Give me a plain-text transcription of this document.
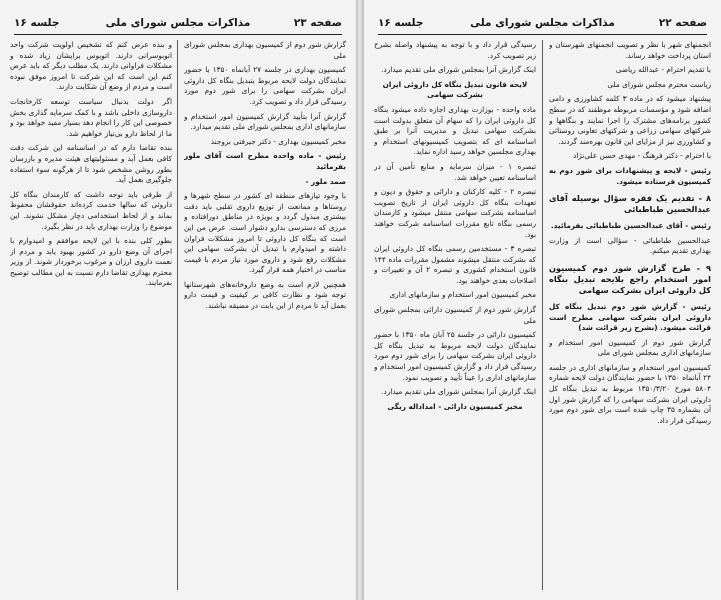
صفحه ۲۳
مذاکرات مجلس شورای ملی
جلسه ۱۶

گزارش شور دوم از کمیسیون بهداری بمجلس شورای ملی

کمیسیون بهداری در جلسه ۲۷ آبانماه ۱۳۵۰ با حضور نمایندگان دولت لایحه مربوط بتبدیل بنگاه کل داروئی ایران بشرکت سهامی را برای شور دوم مورد رسیدگی قرار داد و تصویب کرد.

گزارش آنرا بتأیید گزارش کمیسیون امور استخدام و سازمانهای اداری بمجلس شورای ملی تقدیم میدارد.

مخبر کمیسیون بهداری - دکتر جیرفتی بروجند

رئیس - ماده واحده مطرح است آقای ملور بفرمائید

صمد ملور -

با وجود تیازهای منطقه ای کشور در سطح شهرها و روستاها و ممانعت از توزیع داروی تقلبی باید دقت بیشتری مبذول گردد و بویژه در مناطق دورافتاده و مرزی که دسترسی بدارو دشوار است. عرض من این است که بنگاه کل داروئی تا امروز مشکلات فراوان داشته و امیدوارم با تبدیل آن بشرکت سهامی این مشکلات رفع شود و داروی مورد نیاز مردم با قیمت مناسب در اختیار همه قرار گیرد.

همچنین لازم است به وضع داروخانه‌های شهرستانها توجه شود و نظارت کافی بر کیفیت و قیمت دارو بعمل آید تا مردم از این بابت در مضیقه نباشند.

و بنده عرض کنم که تشخیص اولویت شرکت واحد اتوبوسرانی دارند. اتوبوس برایشان زیاد شده و مشکلات فراوانی دارند. یک مطلب دیگر که باید عرض کنم این است که این شرکت تا امروز موفق نبوده است و مردم از وضع آن شکایت دارند.

اگر دولت بدنبال سیاست توسعه کارخانجات داروسازی داخلی باشد و با کمک سرمایه گذاری بخش خصوصی این کار را انجام دهد بسیار مفید خواهد بود و ما از لحاظ دارو بی‌نیاز خواهیم شد.

بنده تقاضا دارم که در اساسنامه این شرکت دقت کافی بعمل آید و مسئولیتهای هیئت مدیره و بازرسان بطور روشن مشخص شود تا از هرگونه سوء استفاده جلوگیری بعمل آید.

از طرفی باید توجه داشت که کارمندان بنگاه کل داروئی که سالها خدمت کرده‌اند حقوقشان محفوظ بماند و از لحاظ استخدامی دچار مشکل نشوند. این موضوع را وزارت بهداری باید در نظر بگیرد.

بطور کلی بنده با این لایحه موافقم و امیدوارم با اجرای آن وضع دارو در کشور بهبود یابد و مردم از نعمت داروی ارزان و مرغوب برخوردار شوند. از وزیر محترم بهداری تقاضا دارم نسبت به این مطالب توضیح بفرمایند.

صفحه ۲۲
مذاکرات مجلس شورای ملی
جلسه ۱۶

انجمنهای شهر با نظر و تصویب انجمنهای شهرستان و استان پرداخت خواهد رساند.

با تقدیم احترام - عبدالله ریاضی

ریاست محترم مجلس شورای ملی

پیشنهاد میشود که در ماده ۳ کلمه کشاورزی و دامی اضافه شود و مؤسسات مربوطه موظفند که در سطح کشور برنامه‌های مشترک را اجرا نمایند و بنگاهها و شرکتهای سهامی زراعی و شرکتهای تعاونی روستائی و کشاورزی نیز از مزایای این قانون بهره‌مند گردند.

با احترام - دکتر فرهنگ - مهدی حسن علی‌نژاد

رئیس - لایحه و پیشنهادات برای شور دوم به کمیسیون فرستاده میشود.

۸ - تقدیم یک فقره سؤال بوسیله آقای عبدالحسین طباطبائی

رئیس - آقای عبدالحسین طباطبائی بفرمائید.

عبدالحسین طباطبائی - سؤالی است از وزارت بهداری تقدیم میکنم.

۹ - طرح گزارش شور دوم کمیسیون امور استخدام راجع بلایحه تبدیل بنگاه کل داروئی ایران بشرکت سهامی

رئیس - گزارش شور دوم تبدیل بنگاه کل داروئی ایران بشرکت سهامی مطرح است قرائت میشود. (بشرح زیر قرائت شد)

گزارش شور دوم از کمیسیون امور استخدام و سازمانهای اداری بمجلس شورای ملی

کمیسیون امور استخدام و سازمانهای اداری در جلسه ۲۴ آبانماه ۱۳۵۰ با حضور نمایندگان دولت لایحه شماره ۵۸۰۴ مورخ ۱۳۵۰/۳/۲۰ مربوط به تبدیل بنگاه کل داروئی ایران بشرکت سهامی را که گزارش شور اول آن بشماره ۳۵ چاپ شده است برای شور دوم مورد رسیدگی قرار داد.

رسیدگی قرار داد و با توجه به پیشنهاد واصله بشرح زیر تصویب کرد.

اینک گزارش آنرا بمجلس شورای ملی تقدیم میدارد.

لایحه قانون تبدیل بنگاه کل داروئی ایران بشرکت سهامی

ماده واحده - بوزارت بهداری اجازه داده میشود بنگاه کل داروئی ایران را که سهام آن متعلق بدولت است بشرکت سهامی تبدیل و مدیریت آنرا بر طبق اساسنامه ای که بتصویب کمیسیونهای استخدام و بهداری مجلسین خواهد رسید اداره نماید.

تبصره ۱ - میزان سرمایه و منابع تأمین آن در اساسنامه تعیین خواهد شد.

تبصره ۲ - کلیه کارکنان و دارائی و حقوق و دیون و تعهدات بنگاه کل داروئی ایران از تاریخ تصویب اساسنامه بشرکت سهامی منتقل میشود و کارمندان رسمی بنگاه تابع مقررات اساسنامه شرکت خواهند بود.

تبصره ۳ - مستخدمین رسمی بنگاه کل داروئی ایران که بشرکت منتقل میشوند مشمول مقررات ماده ۱۴۴ قانون استخدام کشوری و تبصره ۲ آن و تغییرات و اصلاحات بعدی خواهند بود.

مخبر کمیسیون امور استخدام و سازمانهای اداری

گزارش شور دوم از کمیسیون دارائی بمجلس شورای ملی

کمیسیون دارائی در جلسه ۲۵ آبان ماه ۱۳۵۰ با حضور نمایندگان دولت لایحه مربوط به تبدیل بنگاه کل داروئی ایران بشرکت سهامی را برای شور دوم مورد رسیدگی قرار داد و گزارش کمیسیون امور استخدام و سازمانهای اداری را عیناً تأیید و تصویب نمود.

اینک گزارش آنرا بمجلس شورای ملی تقدیم میدارد.

مخبر کمیسیون دارائی - امداداله ریگی
